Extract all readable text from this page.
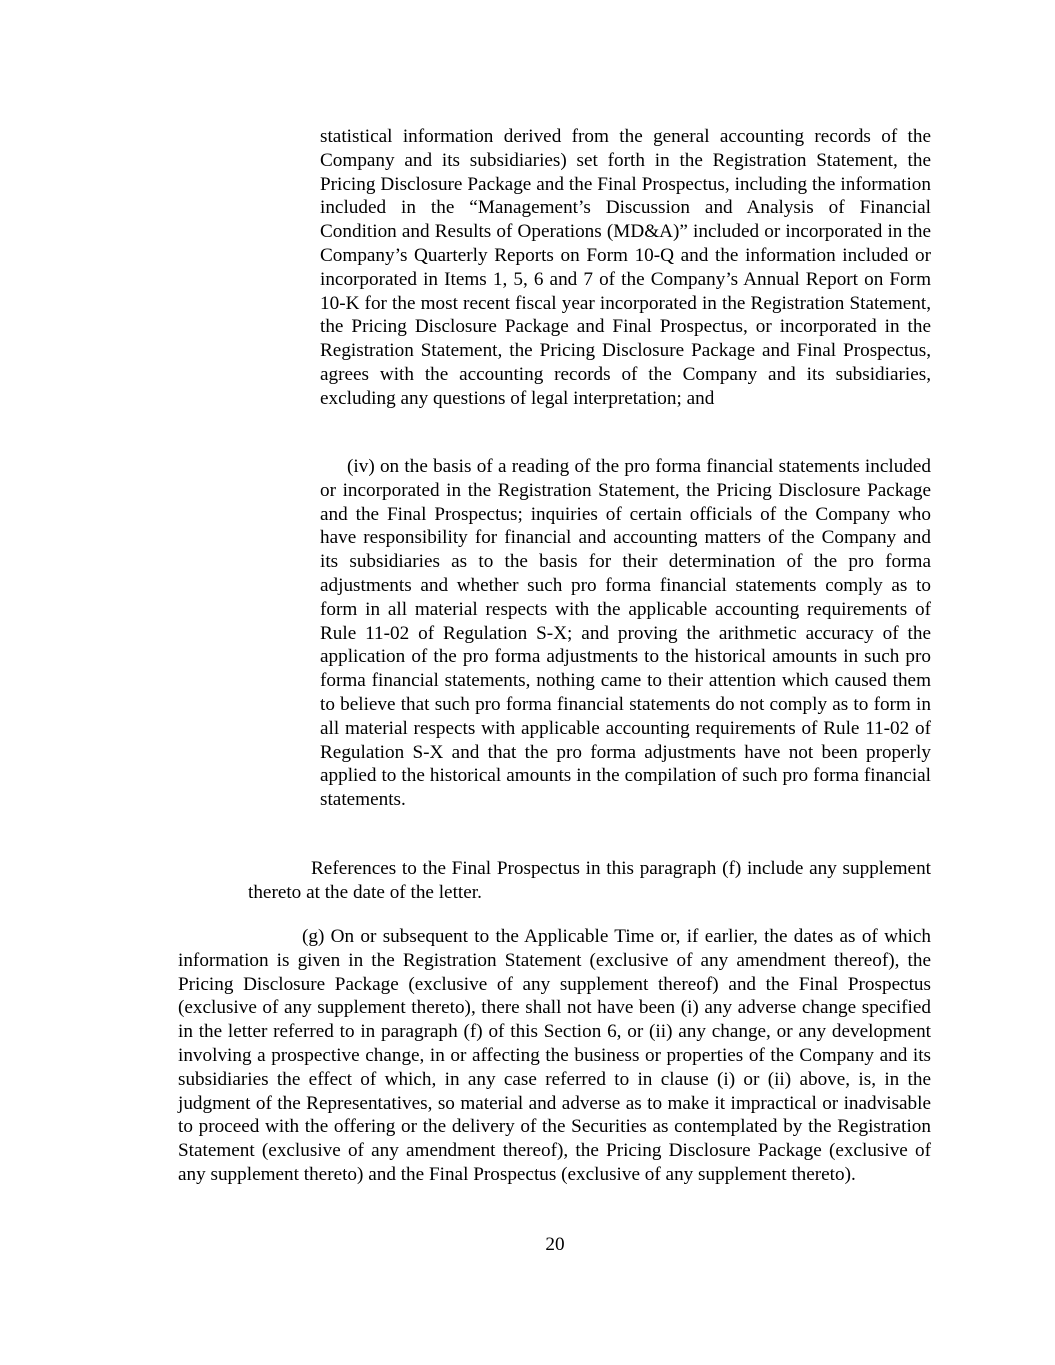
statistical information derived from the general accounting records of the Company and its subsidiaries) set forth in the Registration Statement, the Pricing Disclosure Package and the Final Prospectus, including the information included in the “Management’s Discussion and Analysis of Financial Condition and Results of Operations (MD&A)” included or incorporated in the Company’s Quarterly Reports on Form 10-Q and the information included or incorporated in Items 1, 5, 6 and 7 of the Company’s Annual Report on Form 10-K for the most recent fiscal year incorporated in the Registration Statement, the Pricing Disclosure Package and Final Prospectus, or incorporated in the Registration Statement, the Pricing Disclosure Package and Final Prospectus, agrees with the accounting records of the Company and its subsidiaries, excluding any questions of legal interpretation; and

(iv) on the basis of a reading of the pro forma financial statements included or incorporated in the Registration Statement, the Pricing Disclosure Package and the Final Prospectus; inquiries of certain officials of the Company who have responsibility for financial and accounting matters of the Company and its subsidiaries as to the basis for their determination of the pro forma adjustments and whether such pro forma financial statements comply as to form in all material respects with the applicable accounting requirements of Rule 11-02 of Regulation S-X; and proving the arithmetic accuracy of the application of the pro forma adjustments to the historical amounts in such pro forma financial statements, nothing came to their attention which caused them to believe that such pro forma financial statements do not comply as to form in all material respects with applicable accounting requirements of Rule 11-02 of Regulation S-X and that the pro forma adjustments have not been properly applied to the historical amounts in the compilation of such pro forma financial statements.

References to the Final Prospectus in this paragraph (f) include any supplement thereto at the date of the letter.

(g) On or subsequent to the Applicable Time or, if earlier, the dates as of which information is given in the Registration Statement (exclusive of any amendment thereof), the Pricing Disclosure Package (exclusive of any supplement thereof) and the Final Prospectus (exclusive of any supplement thereto), there shall not have been (i) any adverse change specified in the letter referred to in paragraph (f) of this Section 6, or (ii) any change, or any development involving a prospective change, in or affecting the business or properties of the Company and its subsidiaries the effect of which, in any case referred to in clause (i) or (ii) above, is, in the judgment of the Representatives, so material and adverse as to make it impractical or inadvisable to proceed with the offering or the delivery of the Securities as contemplated by the Registration Statement (exclusive of any amendment thereof), the Pricing Disclosure Package (exclusive of any supplement thereto) and the Final Prospectus (exclusive of any supplement thereto).

20
